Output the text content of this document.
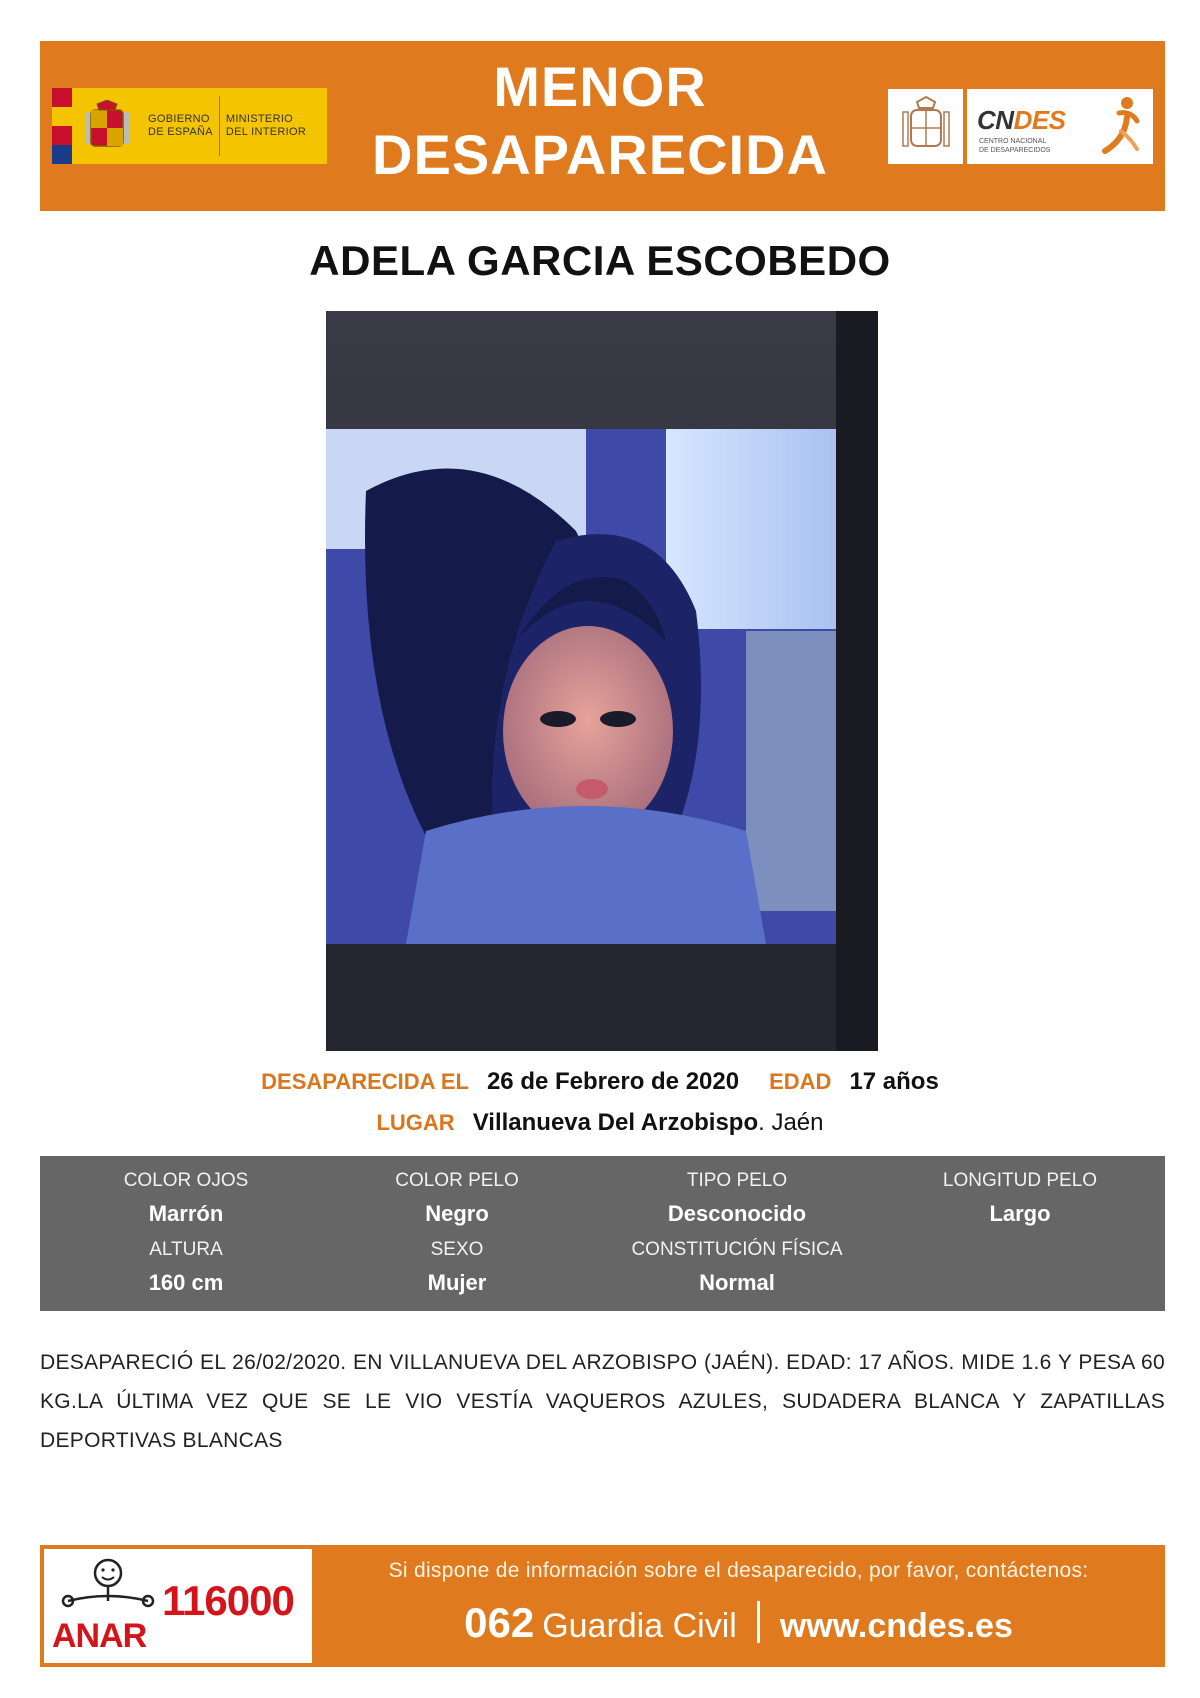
GOBIERNO
DE ESPAÑA
MINISTERIO
DEL INTERIOR
MENOR
DESAPARECIDA
CNDES
CENTRO NACIONAL
DE DESAPARECIDOS
ADELA GARCIA ESCOBEDO
DESAPARECIDA EL 26 de Febrero de 2020 EDAD 17 años
LUGAR Villanueva Del Arzobispo. Jaén
COLOR OJOS
Marrón
COLOR PELO
Negro
TIPO PELO
Desconocido
LONGITUD PELO
Largo
ALTURA
160 cm
SEXO
Mujer
CONSTITUCIÓN FÍSICA
Normal
DESAPARECIÓ EL 26/02/2020. EN VILLANUEVA DEL ARZOBISPO (JAÉN). EDAD: 17 AÑOS. MIDE 1.6 Y PESA 60 KG.LA ÚLTIMA VEZ QUE SE LE VIO VESTÍA VAQUEROS AZULES, SUDADERA BLANCA Y ZAPATILLAS DEPORTIVAS BLANCAS
ANAR
116000
Si dispone de información sobre el desaparecido, por favor, contáctenos:
062 Guardia Civil www.cndes.es
